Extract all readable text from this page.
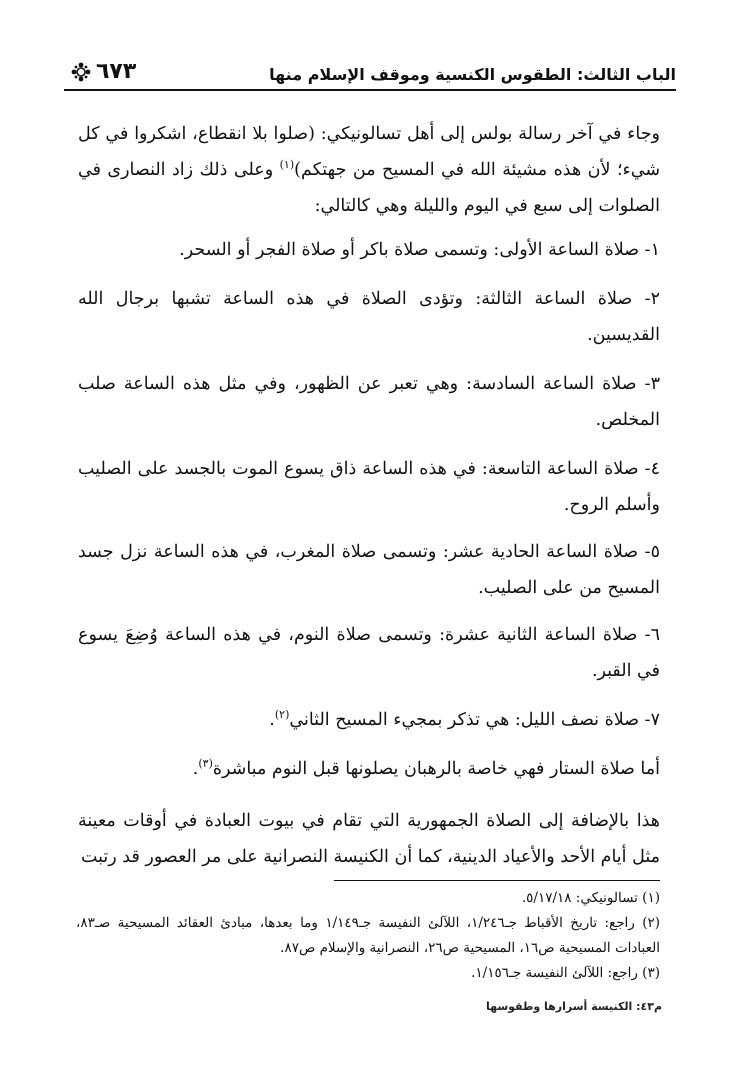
الباب الثالث: الطقوس الكنسية وموقف الإسلام منها
٦٧٣

وجاء في آخر رسالة بولس إلى أهل تسالونيكي: (صلوا بلا انقطاع، اشكروا في كل شيء؛ لأن هذه مشيئة الله في المسيح من جهتكم)$^{(١)}$ وعلى ذلك زاد النصارى في الصلوات إلى سبع في اليوم والليلة وهي كالتالي:

١- صلاة الساعة الأولى: وتسمى صلاة باكر أو صلاة الفجر أو السحر.

٢- صلاة الساعة الثالثة: وتؤدى الصلاة في هذه الساعة تشبها برجال الله القديسين.

٣- صلاة الساعة السادسة: وهي تعبر عن الظهور، وفي مثل هذه الساعة صلب المخلص.

٤- صلاة الساعة التاسعة: في هذه الساعة ذاق يسوع الموت بالجسد على الصليب وأسلم الروح.

٥- صلاة الساعة الحادية عشر: وتسمى صلاة المغرب، في هذه الساعة نزل جسد المسيح من على الصليب.

٦- صلاة الساعة الثانية عشرة: وتسمى صلاة النوم، في هذه الساعة وُضِعَ يسوع في القبر.

٧- صلاة نصف الليل: هي تذكر بمجيء المسيح الثاني$^{(٢)}$.

أما صلاة الستار فهي خاصة بالرهبان يصلونها قبل النوم مباشرة$^{(٣)}$.

هذا بالإضافة إلى الصلاة الجمهورية التي تقام في بيوت العبادة في أوقات معينة مثل أيام الأحد والأعياد الدينية، كما أن الكنيسة النصرانية على مر العصور قد رتبت

(١) تسالونيكي: ٥/١٧/١٨.

(٢) راجع: تاريخ الأقباط جـ١/٢٤٦، اللآلئ النفيسة جـ١/١٤٩ وما بعدها، مبادئ العقائد المسيحية صـ٨٣، العبادات المسيحية ص١٦، المسيحية ص٢٦، النصرانية والإسلام ص٨٧.

(٣) راجع: اللآلئ النفيسة جـ١/١٥٦.

م٤٣: الكنيسة أسرارها وطقوسها
